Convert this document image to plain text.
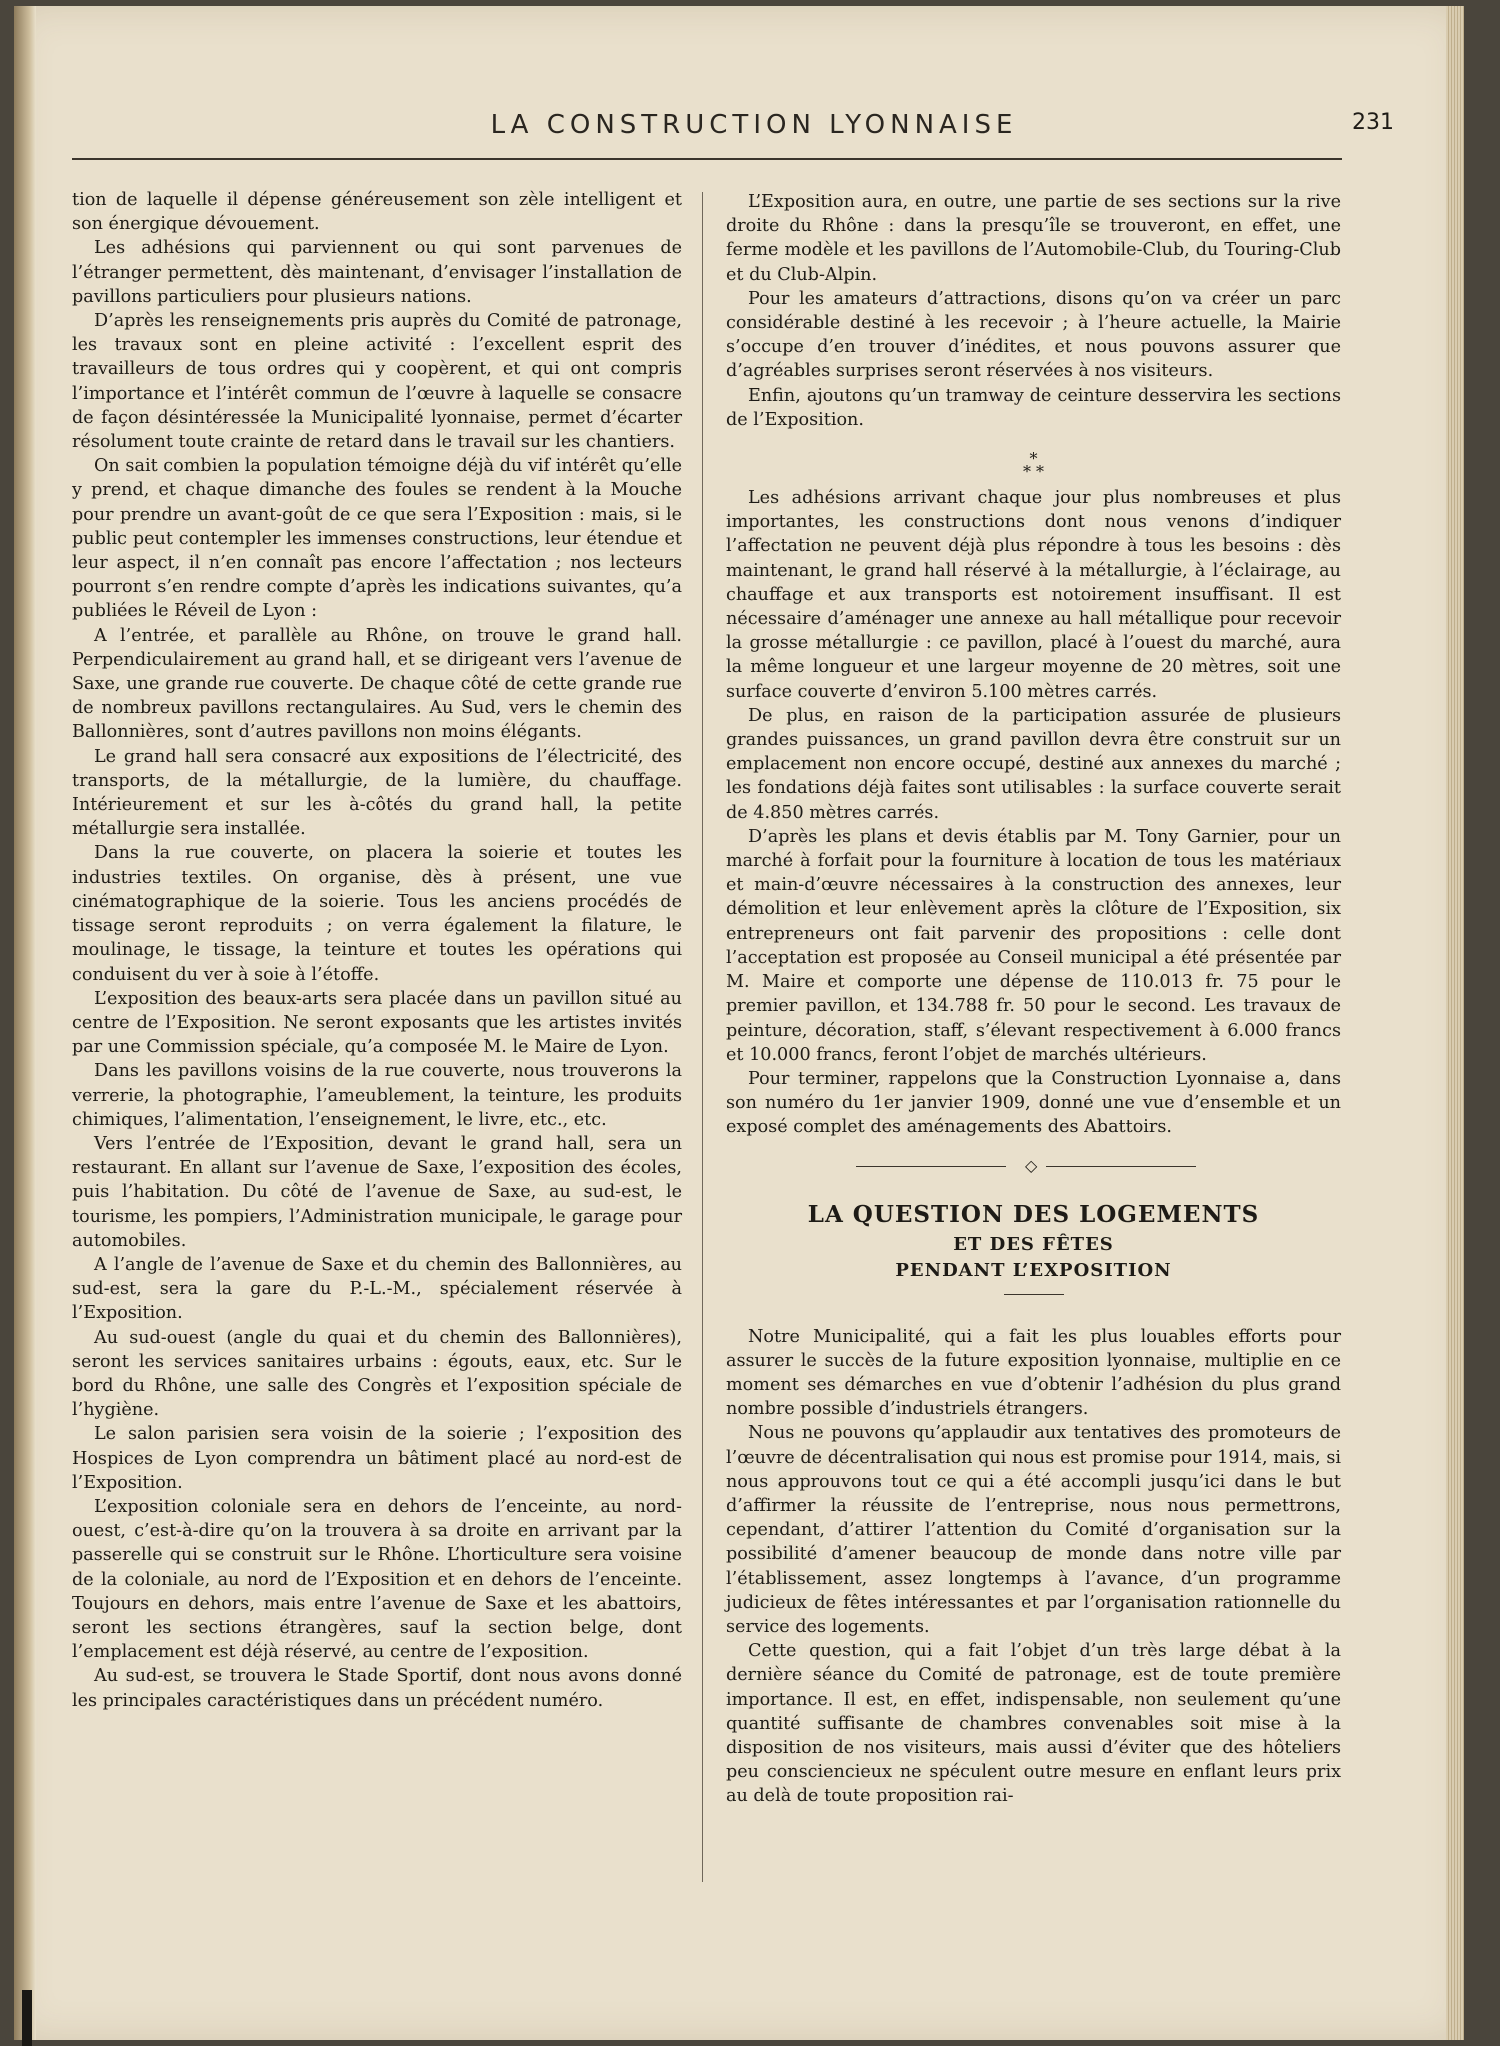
LA CONSTRUCTION LYONNAISE	231

tion de laquelle il dépense généreusement son zèle intelligent et son énergique dévouement.

Les adhésions qui parviennent ou qui sont parvenues de l’étranger permettent, dès maintenant, d’envisager l’installation de pavillons particuliers pour plusieurs nations.

D’après les renseignements pris auprès du Comité de patronage, les travaux sont en pleine activité : l’excellent esprit des travailleurs de tous ordres qui y coopèrent, et qui ont compris l’importance et l’intérêt commun de l’œuvre à laquelle se consacre de façon désintéressée la Municipalité lyonnaise, permet d’écarter résolument toute crainte de retard dans le travail sur les chantiers.

On sait combien la population témoigne déjà du vif intérêt qu’elle y prend, et chaque dimanche des foules se rendent à la Mouche pour prendre un avant-goût de ce que sera l’Exposition : mais, si le public peut contempler les immenses constructions, leur étendue et leur aspect, il n’en connaît pas encore l’affectation ; nos lecteurs pourront s’en rendre compte d’après les indications suivantes, qu’a publiées le Réveil de Lyon :

A l’entrée, et parallèle au Rhône, on trouve le grand hall. Perpendiculairement au grand hall, et se dirigeant vers l’avenue de Saxe, une grande rue couverte. De chaque côté de cette grande rue de nombreux pavillons rectangulaires. Au Sud, vers le chemin des Ballonnières, sont d’autres pavillons non moins élégants.

Le grand hall sera consacré aux expositions de l’électricité, des transports, de la métallurgie, de la lumière, du chauffage. Intérieurement et sur les à-côtés du grand hall, la petite métallurgie sera installée.

Dans la rue couverte, on placera la soierie et toutes les industries textiles. On organise, dès à présent, une vue cinématographique de la soierie. Tous les anciens procédés de tissage seront reproduits ; on verra également la filature, le moulinage, le tissage, la teinture et toutes les opérations qui conduisent du ver à soie à l’étoffe.

L’exposition des beaux-arts sera placée dans un pavillon situé au centre de l’Exposition. Ne seront exposants que les artistes invités par une Commission spéciale, qu’a composée M. le Maire de Lyon.

Dans les pavillons voisins de la rue couverte, nous trouverons la verrerie, la photographie, l’ameublement, la teinture, les produits chimiques, l’alimentation, l’enseignement, le livre, etc., etc.

Vers l’entrée de l’Exposition, devant le grand hall, sera un restaurant. En allant sur l’avenue de Saxe, l’exposition des écoles, puis l’habitation. Du côté de l’avenue de Saxe, au sud-est, le tourisme, les pompiers, l’Administration municipale, le garage pour automobiles.

A l’angle de l’avenue de Saxe et du chemin des Ballonnières, au sud-est, sera la gare du P.-L.-M., spécialement réservée à l’Exposition.

Au sud-ouest (angle du quai et du chemin des Ballonnières), seront les services sanitaires urbains : égouts, eaux, etc. Sur le bord du Rhône, une salle des Congrès et l’exposition spéciale de l’hygiène.

Le salon parisien sera voisin de la soierie ; l’exposition des Hospices de Lyon comprendra un bâtiment placé au nord-est de l’Exposition.

L’exposition coloniale sera en dehors de l’enceinte, au nord-ouest, c’est-à-dire qu’on la trouvera à sa droite en arrivant par la passerelle qui se construit sur le Rhône. L’horticulture sera voisine de la coloniale, au nord de l’Exposition et en dehors de l’enceinte. Toujours en dehors, mais entre l’avenue de Saxe et les abattoirs, seront les sections étrangères, sauf la section belge, dont l’emplacement est déjà réservé, au centre de l’exposition.

Au sud-est, se trouvera le Stade Sportif, dont nous avons donné les principales caractéristiques dans un précédent numéro.

L’Exposition aura, en outre, une partie de ses sections sur la rive droite du Rhône : dans la presqu’île se trouveront, en effet, une ferme modèle et les pavillons de l’Automobile-Club, du Touring-Club et du Club-Alpin.

Pour les amateurs d’attractions, disons qu’on va créer un parc considérable destiné à les recevoir ; à l’heure actuelle, la Mairie s’occupe d’en trouver d’inédites, et nous pouvons assurer que d’agréables surprises seront réservées à nos visiteurs.

Enfin, ajoutons qu’un tramway de ceinture desservira les sections de l’Exposition.

*
* *

Les adhésions arrivant chaque jour plus nombreuses et plus importantes, les constructions dont nous venons d’indiquer l’affectation ne peuvent déjà plus répondre à tous les besoins : dès maintenant, le grand hall réservé à la métallurgie, à l’éclairage, au chauffage et aux transports est notoirement insuffisant. Il est nécessaire d’aménager une annexe au hall métallique pour recevoir la grosse métallurgie : ce pavillon, placé à l’ouest du marché, aura la même longueur et une largeur moyenne de 20 mètres, soit une surface couverte d’environ 5.100 mètres carrés.

De plus, en raison de la participation assurée de plusieurs grandes puissances, un grand pavillon devra être construit sur un emplacement non encore occupé, destiné aux annexes du marché ; les fondations déjà faites sont utilisables : la surface couverte serait de 4.850 mètres carrés.

D’après les plans et devis établis par M. Tony Garnier, pour un marché à forfait pour la fourniture à location de tous les matériaux et main-d’œuvre nécessaires à la construction des annexes, leur démolition et leur enlèvement après la clôture de l’Exposition, six entrepreneurs ont fait parvenir des propositions : celle dont l’acceptation est proposée au Conseil municipal a été présentée par M. Maire et comporte une dépense de 110.013 fr. 75 pour le premier pavillon, et 134.788 fr. 50 pour le second. Les travaux de peinture, décoration, staff, s’élevant respectivement à 6.000 francs et 10.000 francs, feront l’objet de marchés ultérieurs.

Pour terminer, rappelons que la Construction Lyonnaise a, dans son numéro du 1er janvier 1909, donné une vue d’ensemble et un exposé complet des aménagements des Abattoirs.

◇
LA QUESTION DES LOGEMENTS
ET DES FÊTES
PENDANT L’EXPOSITION

Notre Municipalité, qui a fait les plus louables efforts pour assurer le succès de la future exposition lyonnaise, multiplie en ce moment ses démarches en vue d’obtenir l’adhésion du plus grand nombre possible d’industriels étrangers.

Nous ne pouvons qu’applaudir aux tentatives des promoteurs de l’œuvre de décentralisation qui nous est promise pour 1914, mais, si nous approuvons tout ce qui a été accompli jusqu’ici dans le but d’affirmer la réussite de l’entreprise, nous nous permettrons, cependant, d’attirer l’attention du Comité d’organisation sur la possibilité d’amener beaucoup de monde dans notre ville par l’établissement, assez longtemps à l’avance, d’un programme judicieux de fêtes intéressantes et par l’organisation rationnelle du service des logements.

Cette question, qui a fait l’objet d’un très large débat à la dernière séance du Comité de patronage, est de toute première importance. Il est, en effet, indispensable, non seulement qu’une quantité suffisante de chambres convenables soit mise à la disposition de nos visiteurs, mais aussi d’éviter que des hôteliers peu consciencieux ne spéculent outre mesure en enflant leurs prix au delà de toute proposition rai-
